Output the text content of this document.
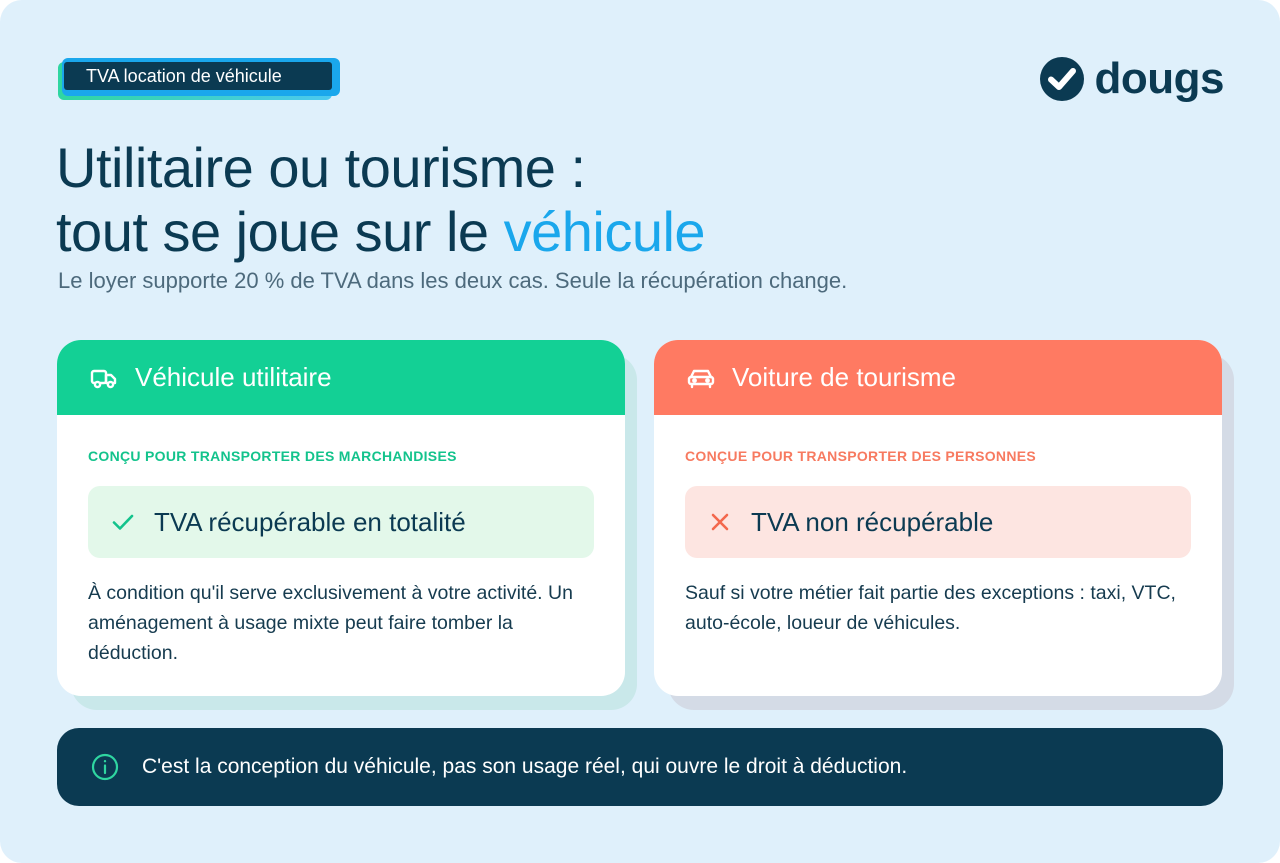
TVA location de véhicule	dougs
Utilitaire ou tourisme :
tout se joue sur le véhicule

Le loyer supporte 20 % de TVA dans les deux cas. Seule la récupération change.

Véhicule utilitaire
CONÇU POUR TRANSPORTER DES MARCHANDISES
TVA récupérable en totalité

À condition qu'il serve exclusivement à votre activité. Un aménagement à usage mixte peut faire tomber la déduction.

Voiture de tourisme
CONÇUE POUR TRANSPORTER DES PERSONNES
TVA non récupérable

Sauf si votre métier fait partie des exceptions : taxi, VTC, auto-école, loueur de véhicules.

C'est la conception du véhicule, pas son usage réel, qui ouvre le droit à déduction.
